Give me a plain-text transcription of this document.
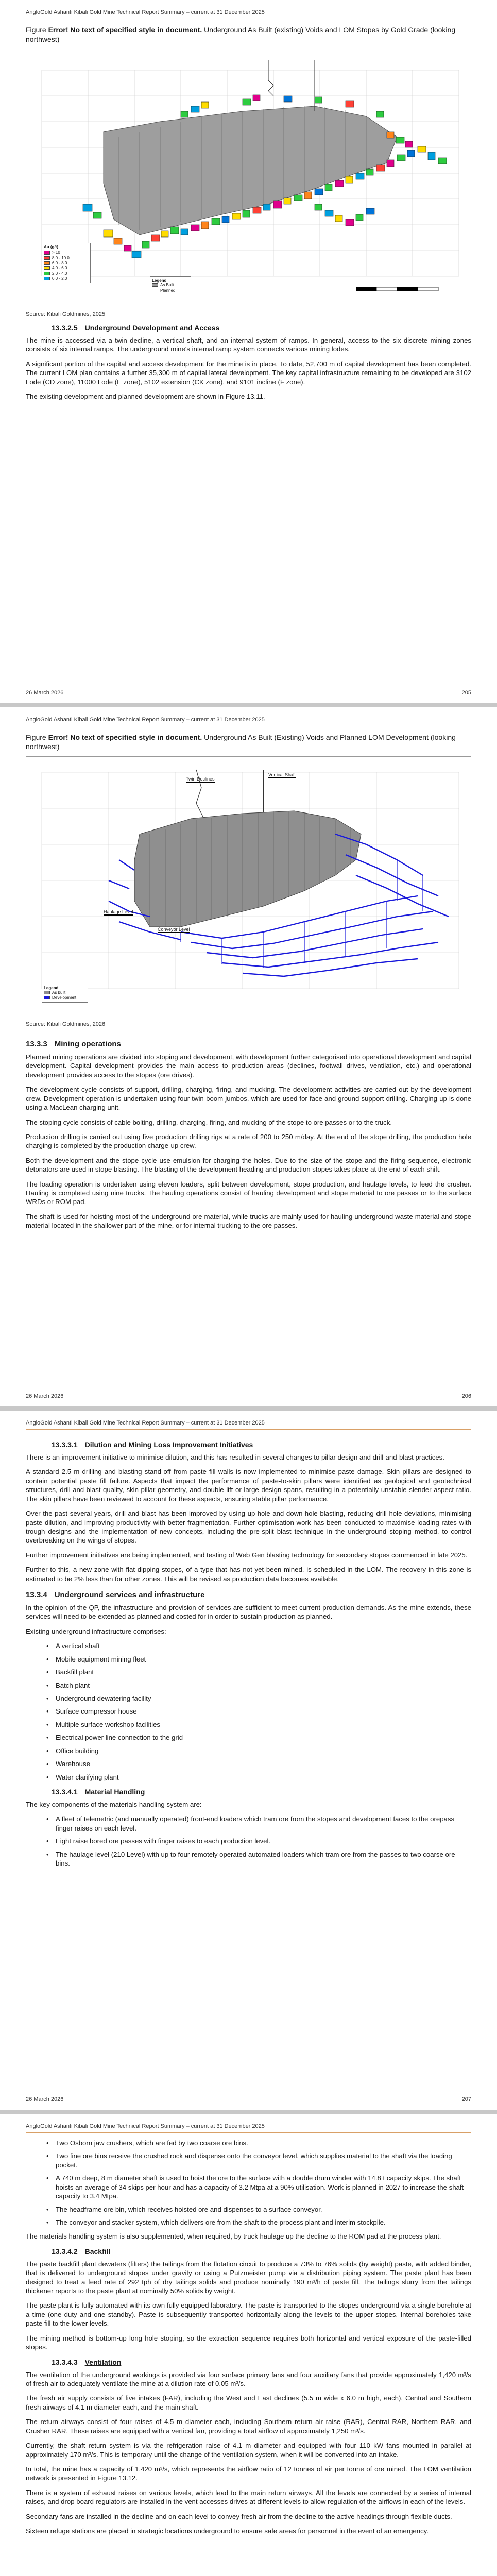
AngloGold Ashanti Kibali Gold Mine Technical Report Summary – current at 31 December 2025
Figure Error! No text of specified style in document. Underground As Built (existing) Voids and LOM Stopes by Gold Grade (looking northwest)
Au (g/t)
> 10
8.0 - 10.0
6.0 - 8.0
4.0 - 6.0
2.0 - 4.0
0.0 - 2.0	Legend
As Built
Planned
Source: Kibali Goldmines, 2025
13.3.2.5 Underground Development and Access

The mine is accessed via a twin decline, a vertical shaft, and an internal system of ramps. In general, access to the six discrete mining zones consists of six internal ramps. The underground mine's internal ramp system connects various mining lodes.

A significant portion of the capital and access development for the mine is in place. To date, 52,700 m of capital development has been completed. The current LOM plan contains a further 35,300 m of capital lateral development. The key capital infrastructure remaining to be developed are 3102 Lode (CD zone), 11000 Lode (E zone), 5102 extension (CK zone), and 9101 incline (F zone).

The existing development and planned development are shown in Figure 13.11.

26 March 2026	205
AngloGold Ashanti Kibali Gold Mine Technical Report Summary – current at 31 December 2025
Figure Error! No text of specified style in document. Underground As Built (Existing) Voids and Planned LOM Development (looking northwest)
Twin Declines
Vertical Shaft
Haulage Level
Conveyor Level
Legend
As built
Development
Source: Kibali Goldmines, 2026
13.3.3 Mining operations

Planned mining operations are divided into stoping and development, with development further categorised into operational development and capital development. Capital development provides the main access to production areas (declines, footwall drives, ventilation, etc.) and operational development provides access to the stopes (ore drives).

The development cycle consists of support, drilling, charging, firing, and mucking. The development activities are carried out by the development crew. Development operation is undertaken using four twin-boom jumbos, which are used for face and ground support drilling. Charging up is done using a MacLean charging unit.

The stoping cycle consists of cable bolting, drilling, charging, firing, and mucking of the stope to ore passes or to the truck.

Production drilling is carried out using five production drilling rigs at a rate of 200 to 250 m/day. At the end of the stope drilling, the production hole charging is completed by the production charge-up crew.

Both the development and the stope cycle use emulsion for charging the holes. Due to the size of the stope and the firing sequence, electronic detonators are used in stope blasting. The blasting of the development heading and production stopes takes place at the end of each shift.

The loading operation is undertaken using eleven loaders, split between development, stope production, and haulage levels, to feed the crusher. Hauling is completed using nine trucks. The hauling operations consist of hauling development and stope material to ore passes or to the surface WRDs or ROM pad.

The shaft is used for hoisting most of the underground ore material, while trucks are mainly used for hauling underground waste material and stope material located in the shallower part of the mine, or for internal trucking to the ore passes.

26 March 2026	206
AngloGold Ashanti Kibali Gold Mine Technical Report Summary – current at 31 December 2025
13.3.3.1 Dilution and Mining Loss Improvement Initiatives

There is an improvement initiative to minimise dilution, and this has resulted in several changes to pillar design and drill-and-blast practices.

A standard 2.5 m drilling and blasting stand-off from paste fill walls is now implemented to minimise paste damage. Skin pillars are designed to contain potential paste fill failure. Aspects that impact the performance of paste-to-skin pillars were identified as geological and geotechnical structures, drill-and-blast quality, skin pillar geometry, and double lift or large design spans, resulting in a potentially unstable slender aspect ratio. The skin pillars have been reviewed to account for these aspects, ensuring stable pillar performance.

Over the past several years, drill-and-blast has been improved by using up-hole and down-hole blasting, reducing drill hole deviations, minimising paste dilution, and improving productivity with better fragmentation. Further optimisation work has been conducted to maximise loading rates with trough designs and the implementation of new concepts, including the pre-split blast technique in the underground stoping method, to control overbreaking on the wings of stopes.

Further improvement initiatives are being implemented, and testing of Web Gen blasting technology for secondary stopes commenced in late 2025.

Further to this, a new zone with flat dipping stopes, of a type that has not yet been mined, is scheduled in the LOM. The recovery in this zone is estimated to be 2% less than for other zones. This will be revised as production data becomes available.

13.3.4 Underground services and infrastructure

In the opinion of the QP, the infrastructure and provision of services are sufficient to meet current production demands. As the mine extends, these services will need to be extended as planned and costed for in order to sustain production as planned.

Existing underground infrastructure comprises:

• A vertical shaft
• Mobile equipment mining fleet
• Backfill plant
• Batch plant
• Underground dewatering facility
• Surface compressor house
• Multiple surface workshop facilities
• Electrical power line connection to the grid
• Office building
• Warehouse
• Water clarifying plant
13.3.4.1 Material Handling

The key components of the materials handling system are:

• A fleet of telemetric (and manually operated) front-end loaders which tram ore from the stopes and development faces to the orepass finger raises on each level.
• Eight raise bored ore passes with finger raises to each production level.
• The haulage level (210 Level) with up to four remotely operated automated loaders which tram ore from the passes to two coarse ore bins.
26 March 2026	207
AngloGold Ashanti Kibali Gold Mine Technical Report Summary – current at 31 December 2025
• Two Osborn jaw crushers, which are fed by two coarse ore bins.
• Two fine ore bins receive the crushed rock and dispense onto the conveyor level, which supplies material to the shaft via the loading pocket.
• A 740 m deep, 8 m diameter shaft is used to hoist the ore to the surface with a double drum winder with 14.8 t capacity skips. The shaft hoists an average of 34 skips per hour and has a capacity of 3.2 Mtpa at a 90% utilisation. Work is planned in 2027 to increase the shaft capacity to 3.4 Mtpa.
• The headframe ore bin, which receives hoisted ore and dispenses to a surface conveyor.
• The conveyor and stacker system, which delivers ore from the shaft to the process plant and interim stockpile.

The materials handling system is also supplemented, when required, by truck haulage up the decline to the ROM pad at the process plant.

13.3.4.2 Backfill

The paste backfill plant dewaters (filters) the tailings from the flotation circuit to produce a 73% to 76% solids (by weight) paste, with added binder, that is delivered to underground stopes under gravity or using a Putzmeister pump via a distribution piping system. The paste plant has been designed to treat a feed rate of 292 tph of dry tailings solids and produce nominally 190 m³/h of paste fill. The tailings slurry from the tailings thickener reports to the paste plant at nominally 50% solids by weight.

The paste plant is fully automated with its own fully equipped laboratory. The paste is transported to the stopes underground via a single borehole at a time (one duty and one standby). Paste is subsequently transported horizontally along the levels to the upper stopes. Internal boreholes take paste fill to the lower levels.

The mining method is bottom-up long hole stoping, so the extraction sequence requires both horizontal and vertical exposure of the paste-filled stopes.

13.3.4.3 Ventilation

The ventilation of the underground workings is provided via four surface primary fans and four auxiliary fans that provide approximately 1,420 m³/s of fresh air to adequately ventilate the mine at a dilution rate of 0.05 m³/s.

The fresh air supply consists of five intakes (FAR), including the West and East declines (5.5 m wide x 6.0 m high, each), Central and Southern fresh airways of 4.1 m diameter each, and the main shaft.

The return airways consist of four raises of 4.5 m diameter each, including Southern return air raise (RAR), Central RAR, Northern RAR, and Crusher RAR. These raises are equipped with a vertical fan, providing a total airflow of approximately 1,250 m³/s.

Currently, the shaft return system is via the refrigeration raise of 4.1 m diameter and equipped with four 110 kW fans mounted in parallel at approximately 170 m³/s. This is temporary until the change of the ventilation system, when it will be converted into an intake.

In total, the mine has a capacity of 1,420 m³/s, which represents the airflow ratio of 12 tonnes of air per tonne of ore mined. The LOM ventilation network is presented in Figure 13.12.

There is a system of exhaust raises on various levels, which lead to the main return airways. All the levels are connected by a series of internal raises, and drop board regulators are installed in the vent accesses drives at different levels to allow regulation of the airflows in each of the levels.

Secondary fans are installed in the decline and on each level to convey fresh air from the decline to the active headings through flexible ducts.

Sixteen refuge stations are placed in strategic locations underground to ensure safe areas for personnel in the event of an emergency.
